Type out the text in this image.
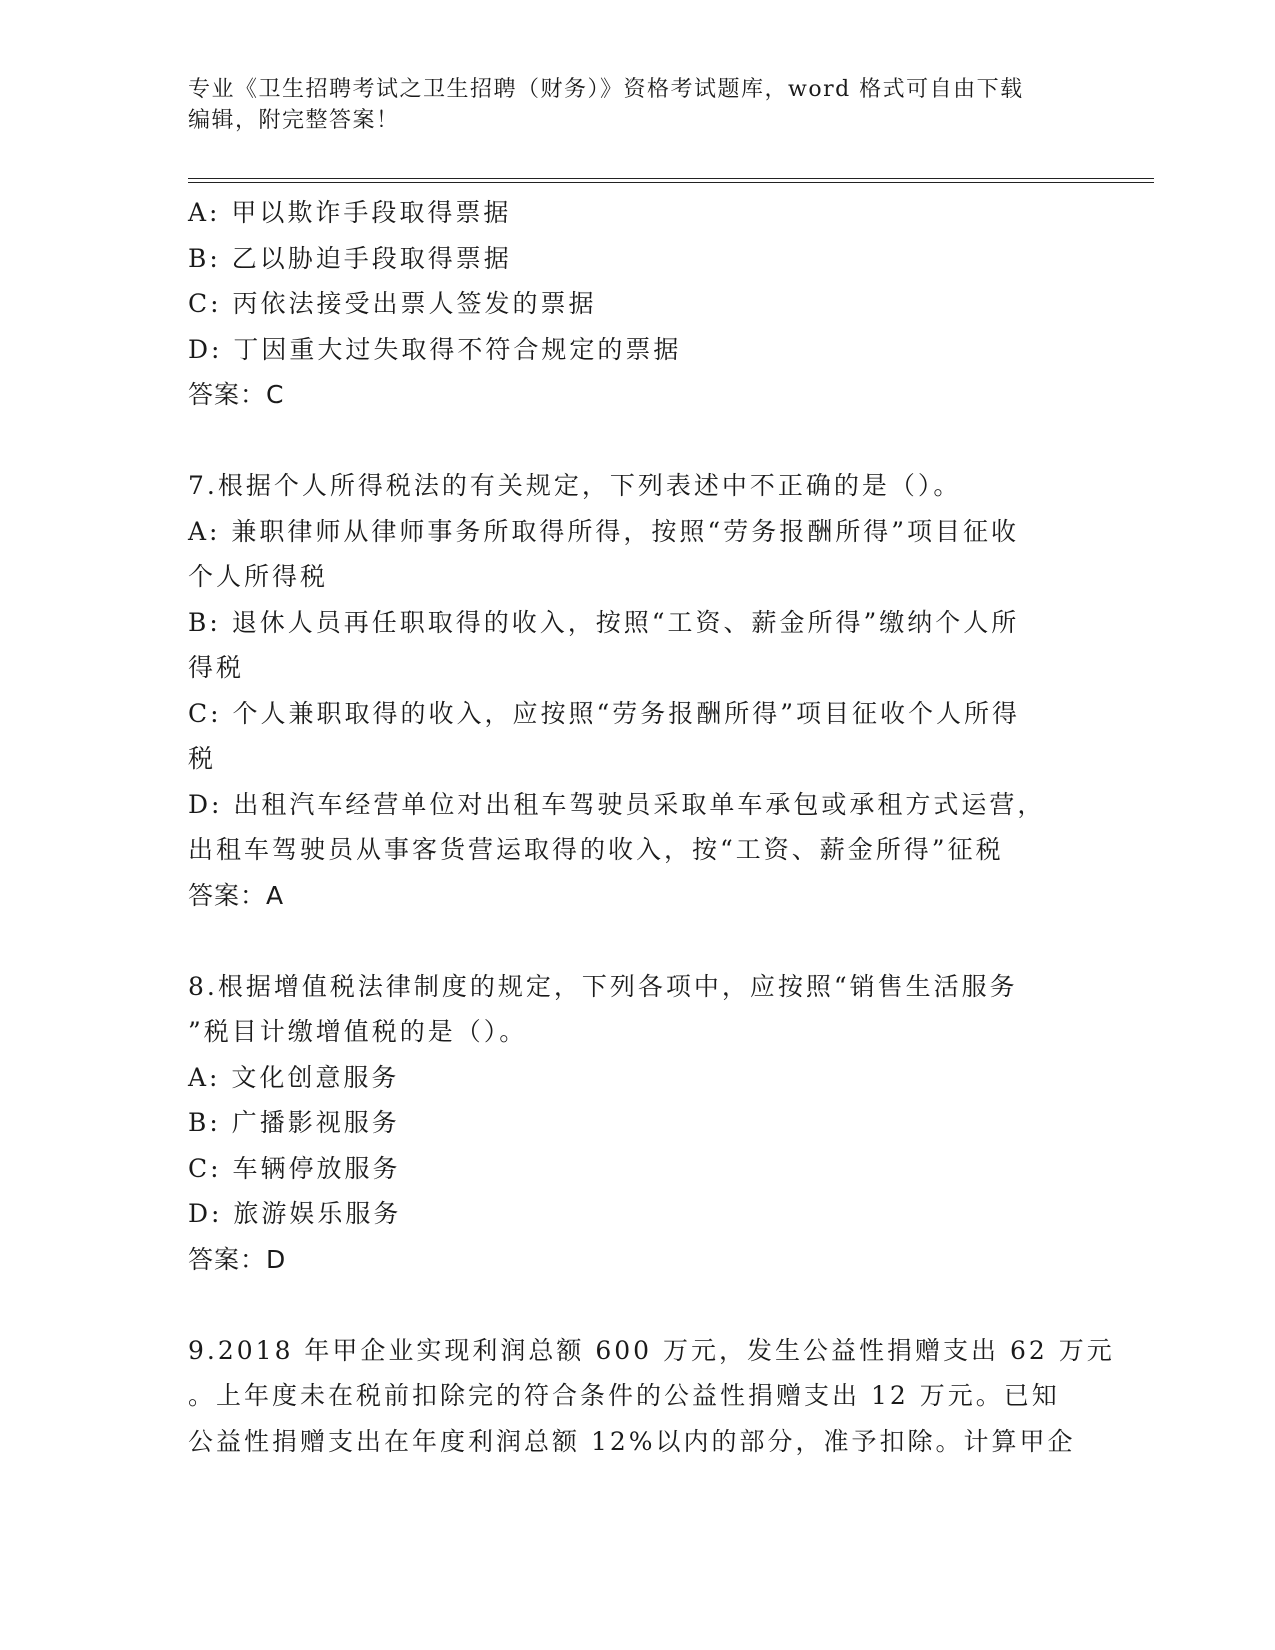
专业《卫生招聘考试之卫生招聘（财务）》资格考试题库，word 格式可自由下载
编辑，附完整答案！
A: 甲以欺诈手段取得票据
B: 乙以胁迫手段取得票据
C: 丙依法接受出票人签发的票据
D: 丁因重大过失取得不符合规定的票据
答案：C
7.根据个人所得税法的有关规定，下列表述中不正确的是（）。
A: 兼职律师从律师事务所取得所得，按照“劳务报酬所得”项目征收
个人所得税
B: 退休人员再任职取得的收入，按照“工资、薪金所得”缴纳个人所
得税
C: 个人兼职取得的收入，应按照“劳务报酬所得”项目征收个人所得
税
D: 出租汽车经营单位对出租车驾驶员采取单车承包或承租方式运营，
出租车驾驶员从事客货营运取得的收入，按“工资、薪金所得”征税
答案：A
8.根据增值税法律制度的规定，下列各项中，应按照“销售生活服务
”税目计缴增值税的是（）。
A: 文化创意服务
B: 广播影视服务
C: 车辆停放服务
D: 旅游娱乐服务
答案：D
9.2018 年甲企业实现利润总额 600 万元，发生公益性捐赠支出 62 万元
。上年度未在税前扣除完的符合条件的公益性捐赠支出 12 万元。已知
公益性捐赠支出在年度利润总额 12%以内的部分，准予扣除。计算甲企
